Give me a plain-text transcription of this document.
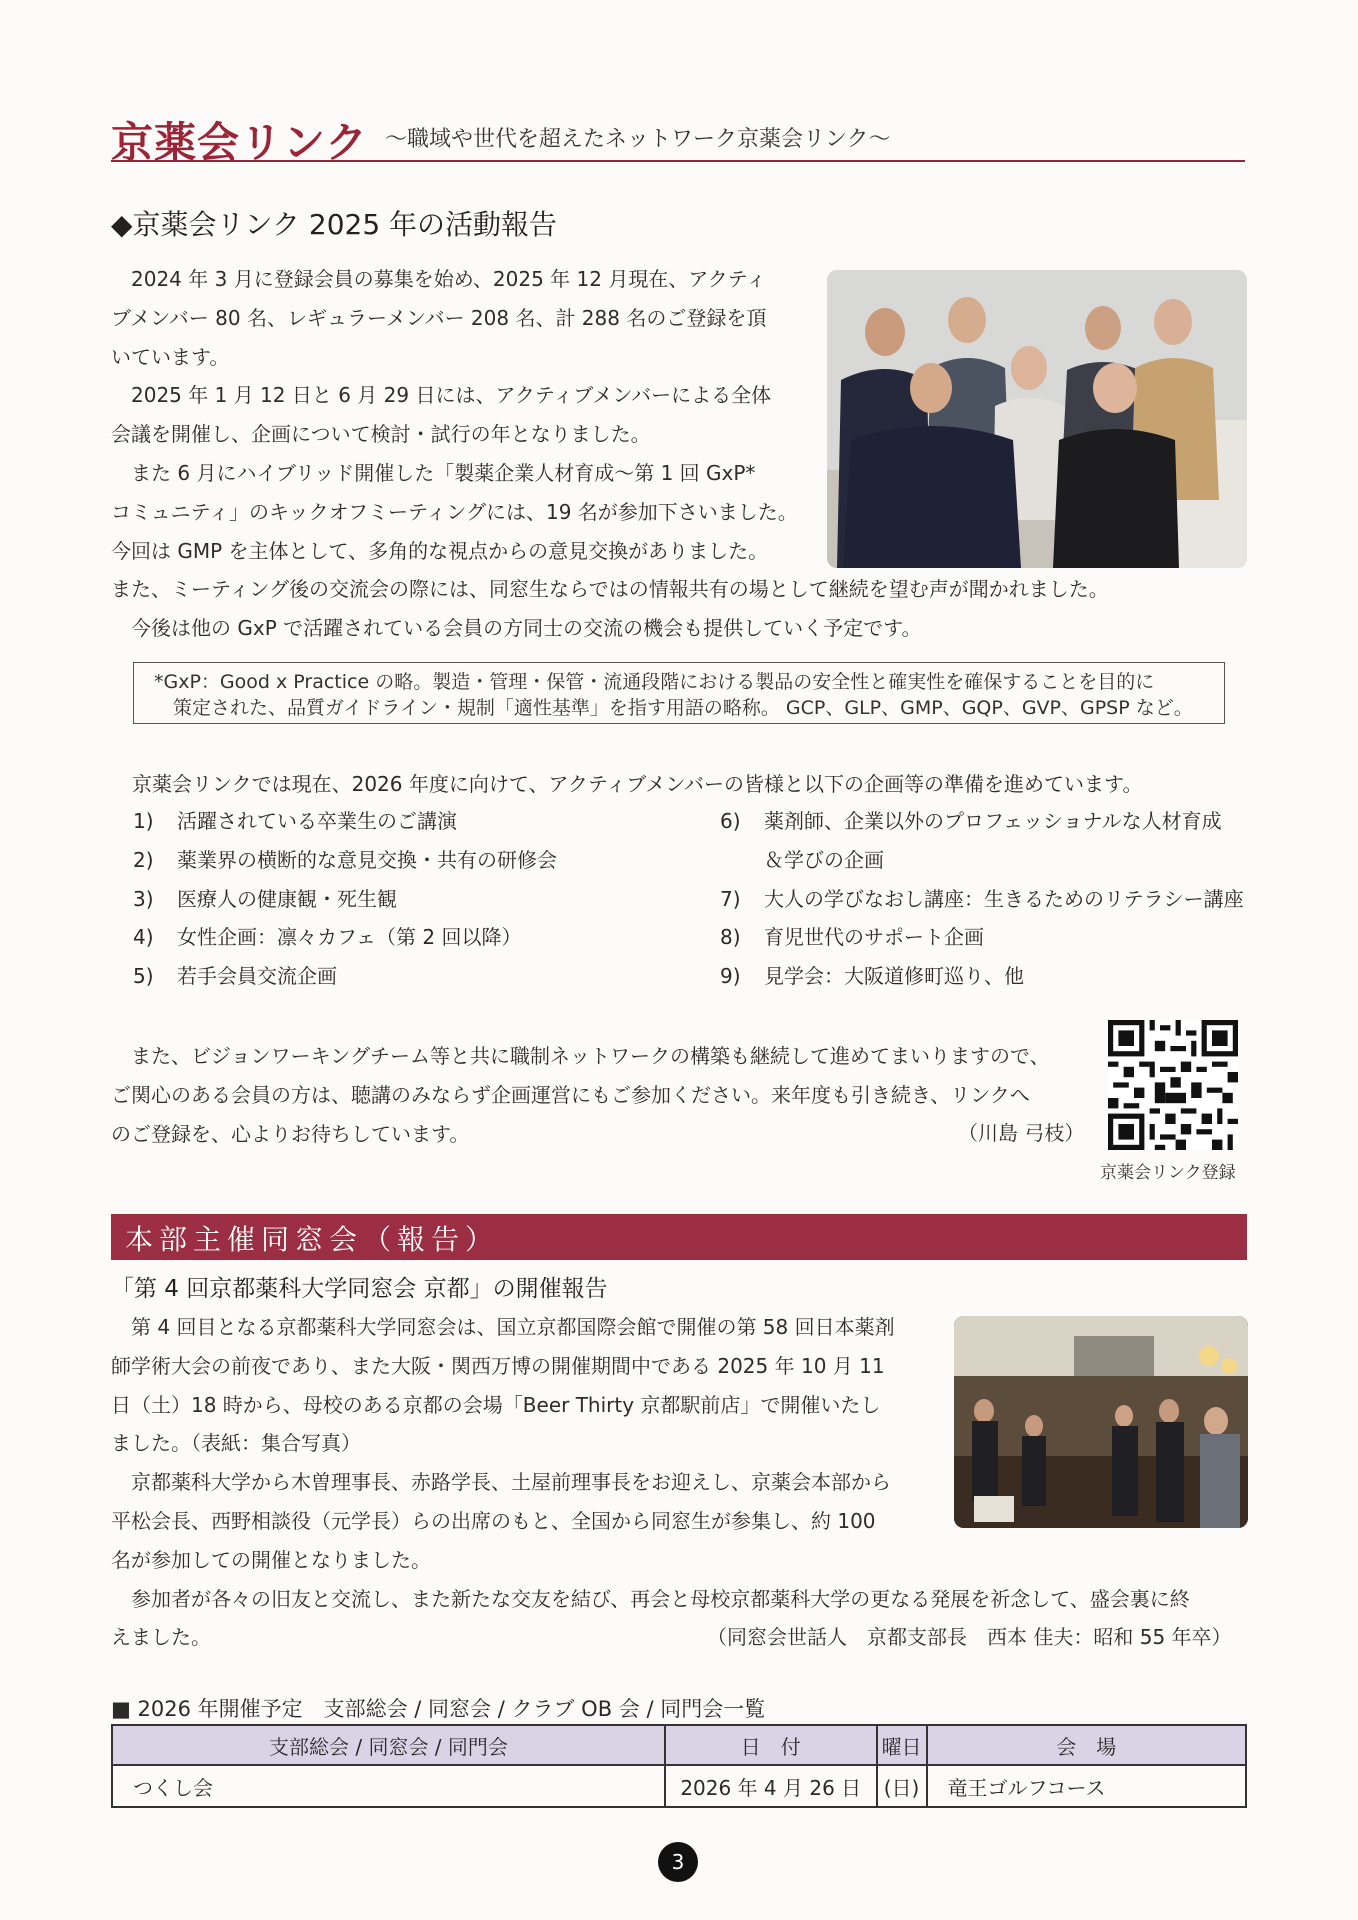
京薬会リンク ～職域や世代を超えたネットワーク京薬会リンク～
◆京薬会リンク 2025 年の活動報告

　2024 年 3 月に登録会員の募集を始め、2025 年 12 月現在、アクティ

ブメンバー 80 名、レギュラーメンバー 208 名、計 288 名のご登録を頂

いています。

　2025 年 1 月 12 日と 6 月 29 日には、アクティブメンバーによる全体

会議を開催し、企画について検討・試行の年となりました。

　また 6 月にハイブリッド開催した「製薬企業人材育成～第 1 回 GxP*

コミュニティ」のキックオフミーティングには、19 名が参加下さいました。

今回は GMP を主体として、多角的な視点からの意見交換がありました。

また、ミーティング後の交流会の際には、同窓生ならではの情報共有の場として継続を望む声が聞かれました。

　今後は他の GxP で活躍されている会員の方同士の交流の機会も提供していく予定です。

*GxP：Good x Practice の略。製造・管理・保管・流通段階における製品の安全性と確実性を確保することを目的に
　策定された、品質ガイドライン・規制「適性基準」を指す用語の略称。 GCP、GLP、GMP、GQP、GVP、GPSP など。
京薬会リンクでは現在、2026 年度に向けて、アクティブメンバーの皆様と以下の企画等の準備を進めています。
1) 活躍されている卒業生のご講演
2) 薬業界の横断的な意見交換・共有の研修会
3) 医療人の健康観・死生観
4) 女性企画：凛々カフェ（第 2 回以降）
5) 若手会員交流企画
6) 薬剤師、企業以外のプロフェッショナルな人材育成
＆学びの企画
7) 大人の学びなおし講座：生きるためのリテラシー講座
8) 育児世代のサポート企画
9) 見学会：大阪道修町巡り、他

　また、ビジョンワーキングチーム等と共に職制ネットワークの構築も継続して進めてまいりますので、

ご関心のある会員の方は、聴講のみならず企画運営にもご参加ください。来年度も引き続き、リンクへ

のご登録を、心よりお待ちしています。	（川島 弓枝）
京薬会リンク登録
本部主催同窓会（報告）
「第 4 回京都薬科大学同窓会 京都」の開催報告

　第 4 回目となる京都薬科大学同窓会は、国立京都国際会館で開催の第 58 回日本薬剤

師学術大会の前夜であり、また大阪・関西万博の開催期間中である 2025 年 10 月 11

日（土）18 時から、母校のある京都の会場「Beer Thirty 京都駅前店」で開催いたし

ました。（表紙：集合写真）

　京都薬科大学から木曽理事長、赤路学長、土屋前理事長をお迎えし、京薬会本部から

平松会長、西野相談役（元学長）らの出席のもと、全国から同窓生が参集し、約 100

名が参加しての開催となりました。

　参加者が各々の旧友と交流し、また新たな交友を結び、再会と母校京都薬科大学の更なる発展を祈念して、盛会裏に終

えました。	（同窓会世話人　京都支部長　西本 佳夫：昭和 55 年卒）
■ 2026 年開催予定　支部総会 / 同窓会 / クラブ OB 会 / 同門会一覧
支部総会 / 同窓会 / 同門会	日　付	曜日	会　場
つくし会	2026 年 4 月 26 日	(日)	竜王ゴルフコース
3
